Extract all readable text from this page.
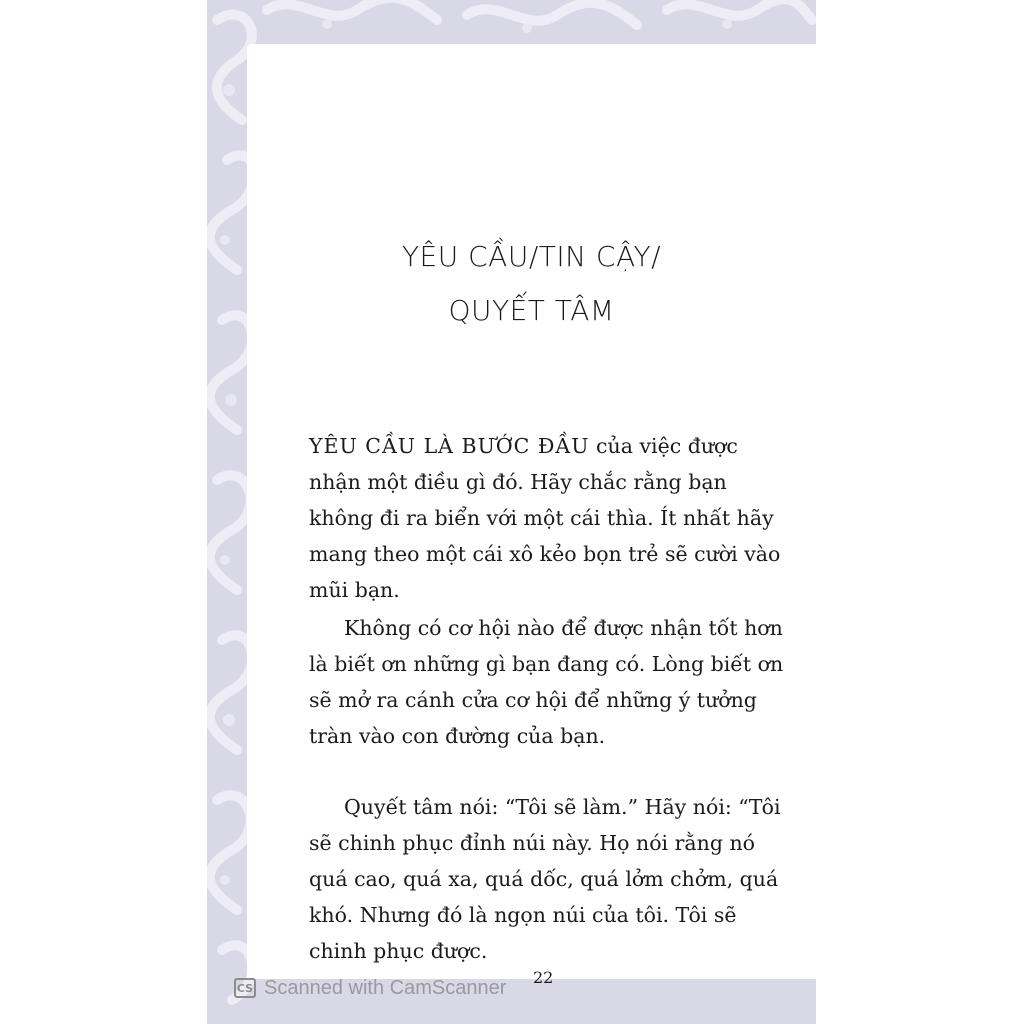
YÊU CẦU/TIN CẬY/
QUYẾT TÂM

YÊU CẦU LÀ BƯỚC ĐẦU của việc được nhận một điều gì đó. Hãy chắc rằng bạn không đi ra biển với một cái thìa. Ít nhất hãy mang theo một cái xô kẻo bọn trẻ sẽ cười vào mũi bạn.

Không có cơ hội nào để được nhận tốt hơn là biết ơn những gì bạn đang có. Lòng biết ơn sẽ mở ra cánh cửa cơ hội để những ý tưởng tràn vào con đường của bạn.

Quyết tâm nói: “Tôi sẽ làm.” Hãy nói: “Tôi sẽ chinh phục đỉnh núi này. Họ nói rằng nó quá cao, quá xa, quá dốc, quá lởm chởm, quá khó. Nhưng đó là ngọn núi của tôi. Tôi sẽ chinh phục được.

CS Scanned with CamScanner 22
